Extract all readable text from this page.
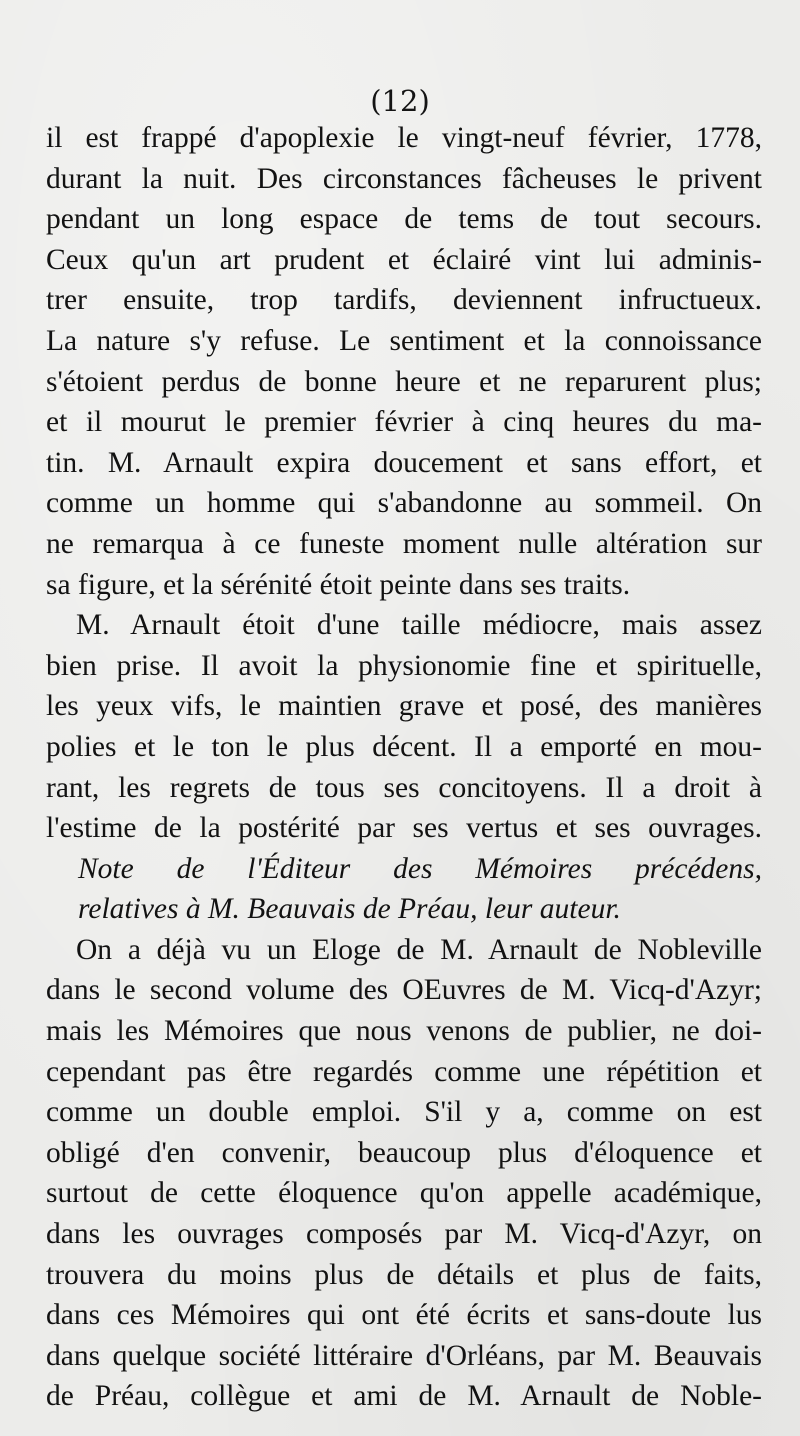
(12)
il est frappé d'apoplexie le vingt-neuf février, 1778,
durant la nuit. Des circonstances fâcheuses le privent
pendant un long espace de tems de tout secours.
Ceux qu'un art prudent et éclairé vint lui adminis-
trer ensuite, trop tardifs, deviennent infructueux.
La nature s'y refuse. Le sentiment et la connoissance
s'étoient perdus de bonne heure et ne reparurent plus;
et il mourut le premier février à cinq heures du ma-
tin. M. Arnault expira doucement et sans effort, et
comme un homme qui s'abandonne au sommeil. On
ne remarqua à ce funeste moment nulle altération sur
sa figure, et la sérénité étoit peinte dans ses traits.
M. Arnault étoit d'une taille médiocre, mais assez
bien prise. Il avoit la physionomie fine et spirituelle,
les yeux vifs, le maintien grave et posé, des manières
polies et le ton le plus décent. Il a emporté en mou-
rant, les regrets de tous ses concitoyens. Il a droit à
l'estime de la postérité par ses vertus et ses ouvrages.
Note de l'Éditeur des Mémoires précédens,
relatives à M. Beauvais de Préau, leur auteur.
On a déjà vu un Eloge de M. Arnault de Nobleville
dans le second volume des OEuvres de M. Vicq-d'Azyr;
mais les Mémoires que nous venons de publier, ne doi-
cependant pas être regardés comme une répétition et
comme un double emploi. S'il y a, comme on est
obligé d'en convenir, beaucoup plus d'éloquence et
surtout de cette éloquence qu'on appelle académique,
dans les ouvrages composés par M. Vicq-d'Azyr, on
trouvera du moins plus de détails et plus de faits,
dans ces Mémoires qui ont été écrits et sans-doute lus
dans quelque société littéraire d'Orléans, par M. Beauvais
de Préau, collègue et ami de M. Arnault de Noble-
